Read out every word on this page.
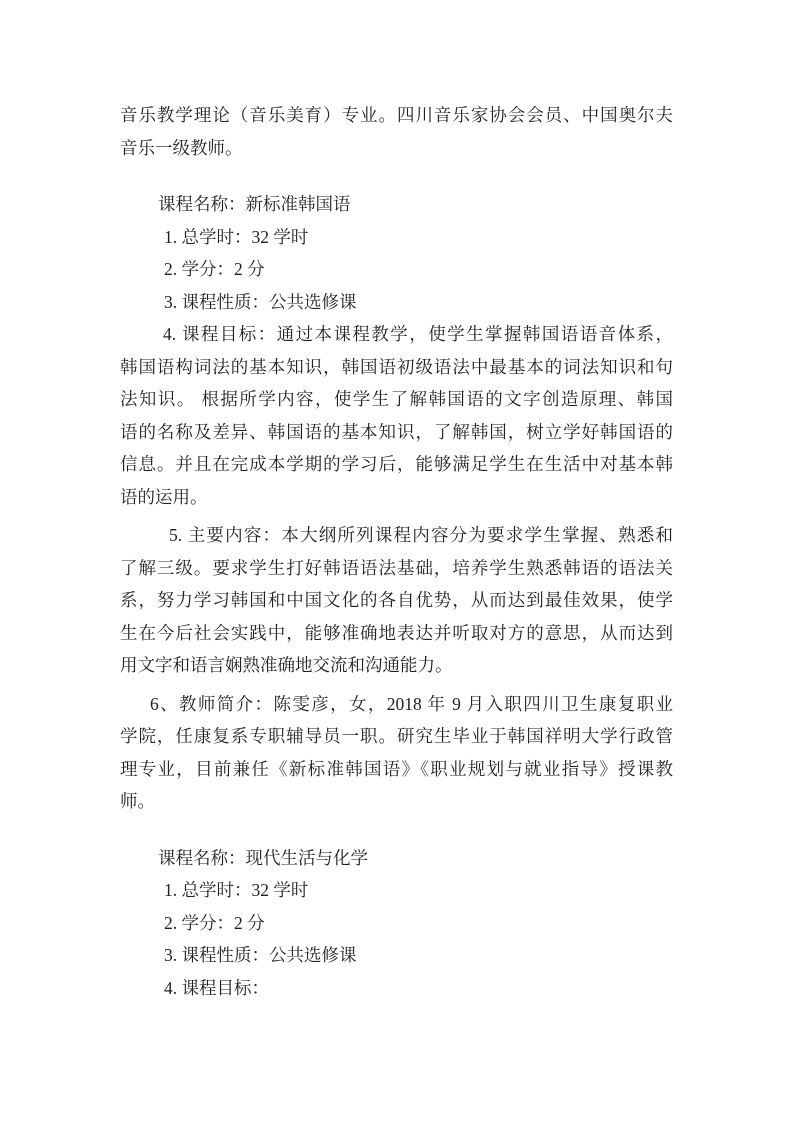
音乐教学理论（音乐美育）专业。四川音乐家协会会员、中国奥尔夫
音乐一级教师。
课程名称：新标准韩国语
1. 总学时：32 学时
2. 学分：2 分
3. 课程性质：公共选修课
4. 课程目标：通过本课程教学，使学生掌握韩国语语音体系，
韩国语构词法的基本知识，韩国语初级语法中最基本的词法知识和句
法知识。 根据所学内容，使学生了解韩国语的文字创造原理、韩国
语的名称及差异、韩国语的基本知识，了解韩国，树立学好韩国语的
信息。并且在完成本学期的学习后，能够满足学生在生活中对基本韩
语的运用。
5. 主要内容：本大纲所列课程内容分为要求学生掌握、熟悉和
了解三级。要求学生打好韩语语法基础，培养学生熟悉韩语的语法关
系，努力学习韩国和中国文化的各自优势，从而达到最佳效果，使学
生在今后社会实践中，能够准确地表达并听取对方的意思，从而达到
用文字和语言娴熟准确地交流和沟通能力。
6、教师简介：陈雯彦，女，2018 年 9 月入职四川卫生康复职业
学院，任康复系专职辅导员一职。研究生毕业于韩国祥明大学行政管
理专业，目前兼任《新标准韩国语》《职业规划与就业指导》授课教
师。
课程名称：现代生活与化学
1. 总学时：32 学时
2. 学分：2 分
3. 课程性质：公共选修课
4. 课程目标：
